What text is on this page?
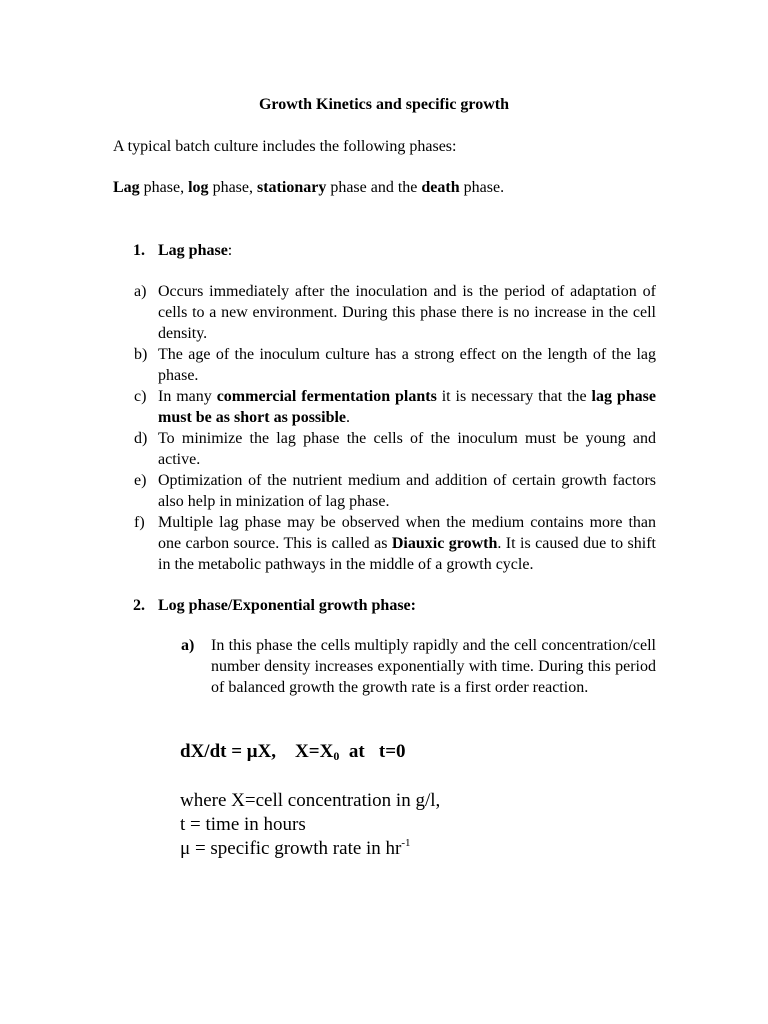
Growth Kinetics and specific growth
A typical batch culture includes the following phases:
Lag phase, log phase, stationary phase and the death phase.
1. Lag phase:
a) Occurs immediately after the inoculation and is the period of adaptation of cells to a new environment. During this phase there is no increase in the cell density.
b) The age of the inoculum culture has a strong effect on the length of the lag phase.
c) In many commercial fermentation plants it is necessary that the lag phase must be as short as possible.
d) To minimize the lag phase the cells of the inoculum must be young and active.
e) Optimization of the nutrient medium and addition of certain growth factors also help in minization of lag phase.
f) Multiple lag phase may be observed when the medium contains more than one carbon source. This is called as Diauxic growth. It is caused due to shift in the metabolic pathways in the middle of a growth cycle.
2. Log phase/Exponential growth phase:
a) In this phase the cells multiply rapidly and the cell concentration/cell number density increases exponentially with time. During this period of balanced growth the growth rate is a first order reaction.
dX/dt = μX,    $X=X_0$  at   t=0
where X=cell concentration in g/l,
t = time in hours
μ = specific growth rate in $hr^{-1}$
